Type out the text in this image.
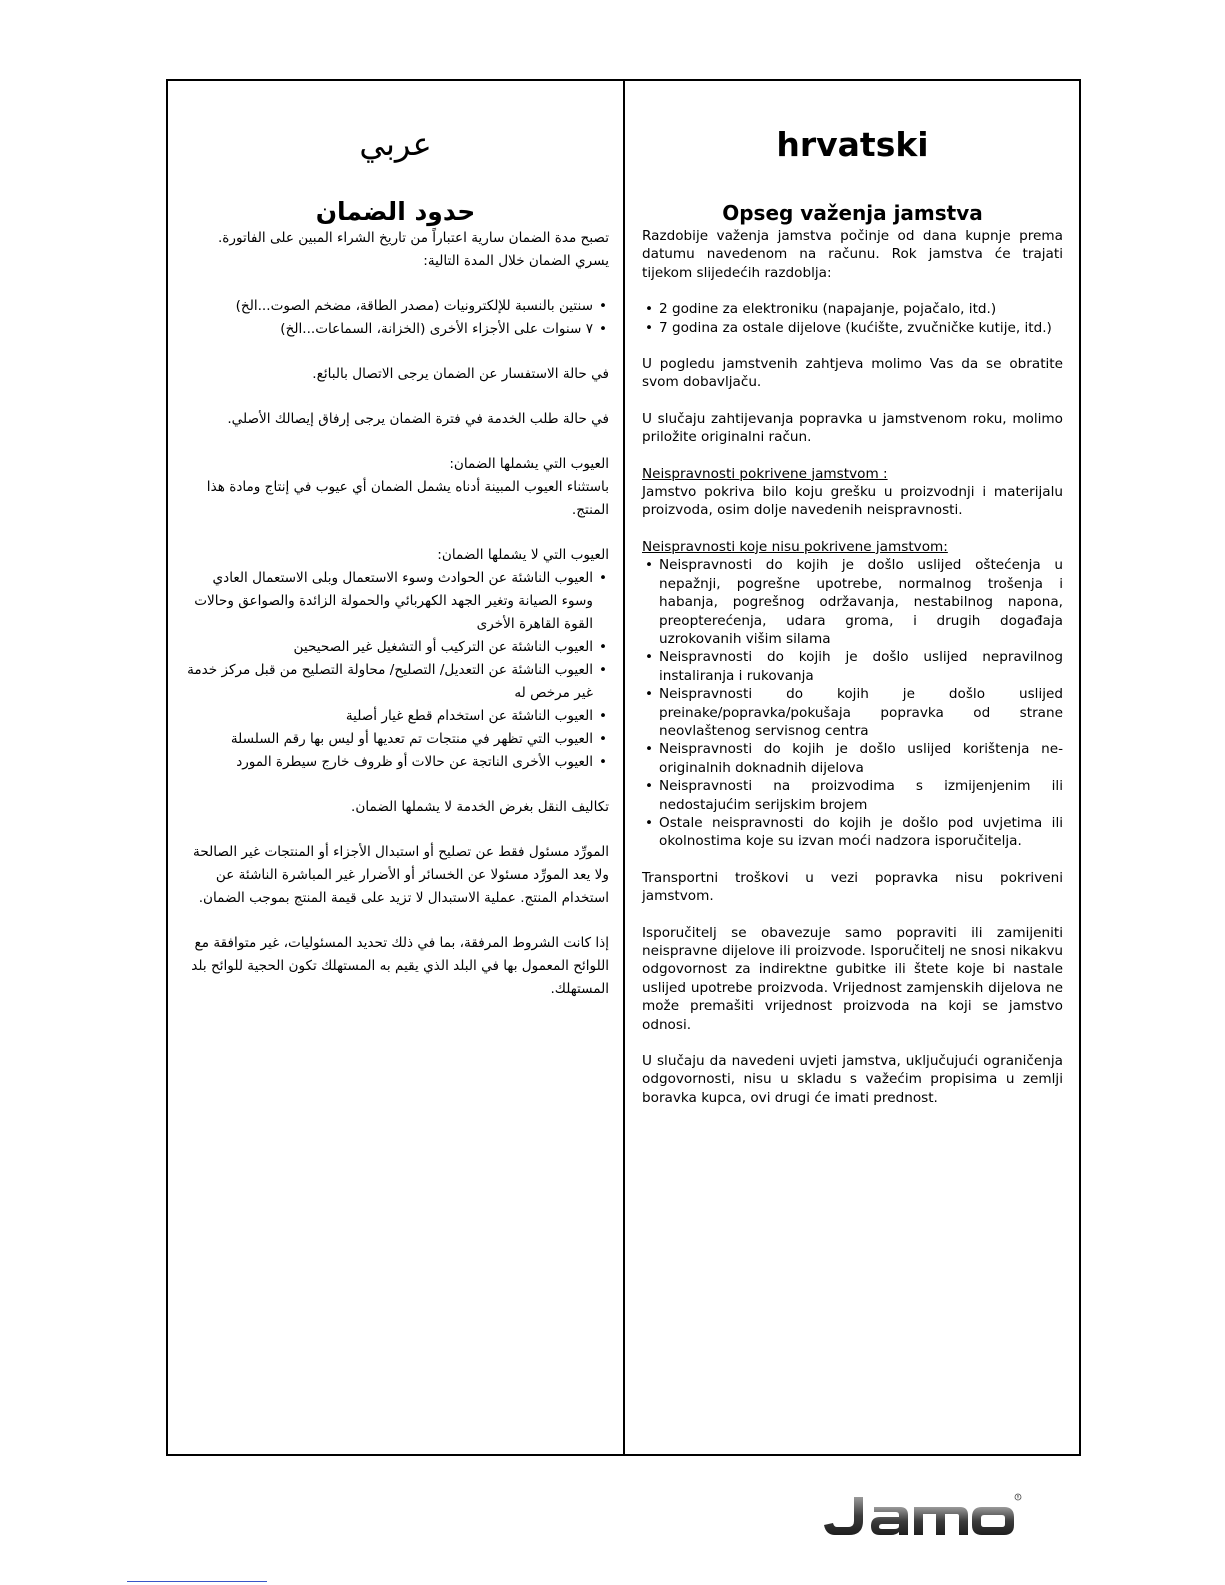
عربي
حدود الضمان

تصبح مدة الضمان سارية اعتباراً من تاريخ الشراء المبين على الفاتورة.

يسري الضمان خلال المدة التالية:

• سنتين بالنسبة للإلكترونيات (مصدر الطاقة، مضخم الصوت...الخ)
• ٧ سنوات على الأجزاء الأخرى (الخزانة، السماعات...الخ)

في حالة الاستفسار عن الضمان يرجى الاتصال بالبائع.

في حالة طلب الخدمة في فترة الضمان يرجى إرفاق إيصالك الأصلي.

العيوب التي يشملها الضمان:

باستثناء العيوب المبينة أدناه يشمل الضمان أي عيوب في إنتاج ومادة هذا المنتج.

العيوب التي لا يشملها الضمان:

• العيوب الناشئة عن الحوادث وسوء الاستعمال وبلى الاستعمال العادي وسوء الصيانة وتغير الجهد الكهربائي والحمولة الزائدة والصواعق وحالات القوة القاهرة الأخرى
• العيوب الناشئة عن التركيب أو التشغيل غير الصحيحين
• العيوب الناشئة عن التعديل/ التصليح/ محاولة التصليح من قبل مركز خدمة غير مرخص له
• العيوب الناشئة عن استخدام قطع غيار أصلية
• العيوب التي تظهر في منتجات تم تعديها أو ليس بها رقم السلسلة
• العيوب الأخرى الناتجة عن حالات أو ظروف خارج سيطرة المورد

تكاليف النقل بغرض الخدمة لا يشملها الضمان.

المورِّد مسئول فقط عن تصليح أو استبدال الأجزاء أو المنتجات غير الصالحة ولا يعد المورِّد مسئولا عن الخسائر أو الأضرار غير المباشرة الناشئة عن استخدام المنتج. عملية الاستبدال لا تزيد على قيمة المنتج بموجب الضمان.

إذا كانت الشروط المرفقة، بما في ذلك تحديد المسئوليات، غير متوافقة مع اللوائح المعمول بها في البلد الذي يقيم به المستهلك تكون الحجية للوائح بلد المستهلك.

hrvatski
Opseg važenja jamstva

Razdobije važenja jamstva počinje od dana kupnje prema datumu navedenom na računu. Rok jamstva će trajati tijekom slijedećih razdoblja:

• 2 godine za elektroniku (napajanje, pojačalo, itd.)
• 7 godina za ostale dijelove (kućište, zvučničke kutije, itd.)

U pogledu jamstvenih zahtjeva molimo Vas da se obratite svom dobavljaču.

U slučaju zahtijevanja popravka u jamstvenom roku, molimo priložite originalni račun.

Neispravnosti pokrivene jamstvom :

Jamstvo pokriva bilo koju grešku u proizvodnji i materijalu proizvoda, osim dolje navedenih neispravnosti.

Neispravnosti koje nisu pokrivene jamstvom:

• Neispravnosti do kojih je došlo uslijed oštećenja u nepažnji, pogrešne upotrebe, normalnog trošenja i habanja, pogrešnog održavanja, nestabilnog napona, preopterećenja, udara groma, i drugih događaja uzrokovanih višim silama
• Neispravnosti do kojih je došlo uslijed nepravilnog instaliranja i rukovanja
• Neispravnosti do kojih je došlo uslijed preinake/popravka/pokušaja popravka od strane neovlaštenog servisnog centra
• Neispravnosti do kojih je došlo uslijed korištenja ne-originalnih doknadnih dijelova
• Neispravnosti na proizvodima s izmijenjenim ili nedostajućim serijskim brojem
• Ostale neispravnosti do kojih je došlo pod uvjetima ili okolnostima koje su izvan moći nadzora isporučitelja.

Transportni troškovi u vezi popravka nisu pokriveni jamstvom.

Isporučitelj se obavezuje samo popraviti ili zamijeniti neispravne dijelove ili proizvode. Isporučitelj ne snosi nikakvu odgovornost za indirektne gubitke ili štete koje bi nastale uslijed upotrebe proizvoda. Vrijednost zamjenskih dijelova ne može premašiti vrijednost proizvoda na koji se jamstvo odnosi.

U slučaju da navedeni uvjeti jamstva, uključujući ograničenja odgovornosti, nisu u skladu s važećim propisima u zemlji boravka kupca, ovi drugi će imati prednost.

R
